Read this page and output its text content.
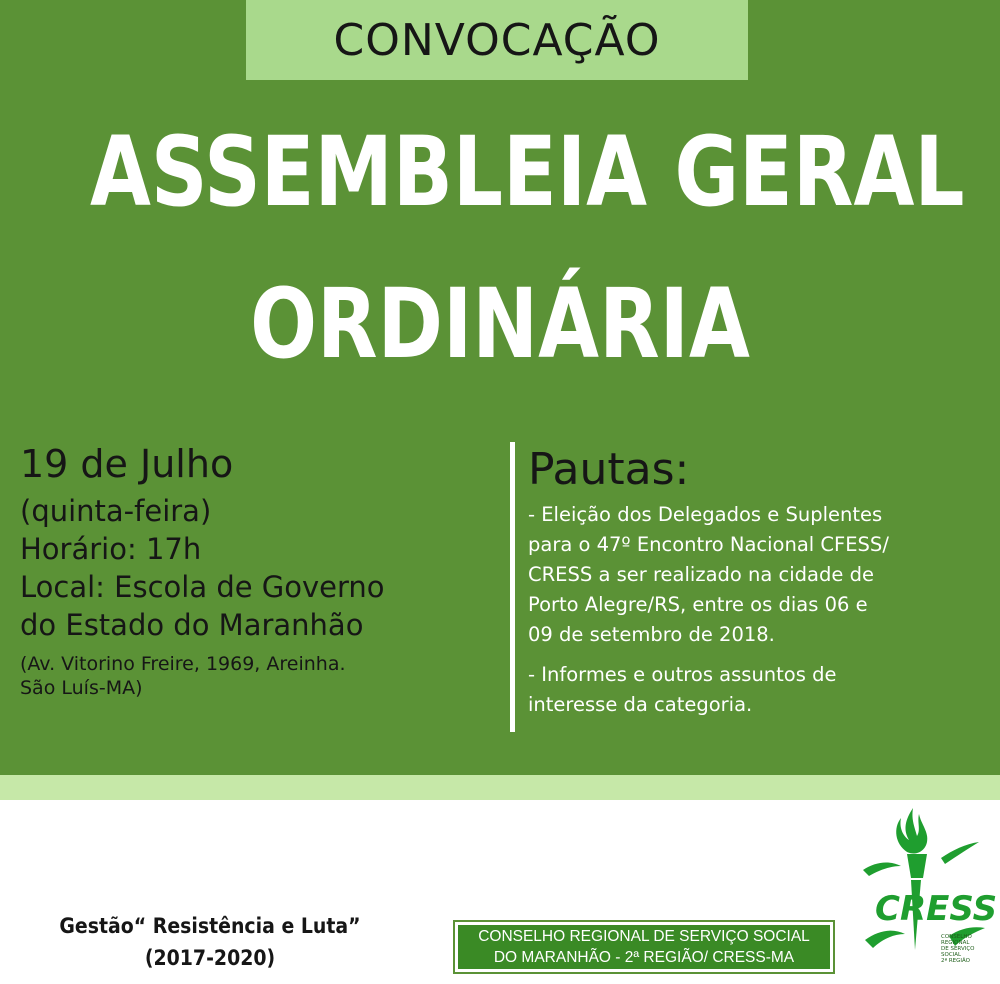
CONVOCAÇÃO
ASSEMBLEIA GERAL
ORDINÁRIA
19 de Julho
(quinta-feira)
Horário: 17h
Local: Escola de Governo
do Estado do Maranhão
(Av. Vitorino Freire, 1969, Areinha.
São Luís-MA)
Pautas:
- Eleição dos Delegados e Suplentes
para o 47º Encontro Nacional CFESS/
CRESS a ser realizado na cidade de
Porto Alegre/RS, entre os dias 06 e
09 de setembro de 2018.
- Informes e outros assuntos de
interesse da categoria.
Gestão“ Resistência e Luta”
(2017-2020)
CONSELHO REGIONAL DE SERVIÇO SOCIAL
DO MARANHÃO - 2ª REGIÃO/ CRESS-MA
CRESS
CONSELHO
REGIONAL
DE SERVIÇO
SOCIAL
2ª REGIÃO
